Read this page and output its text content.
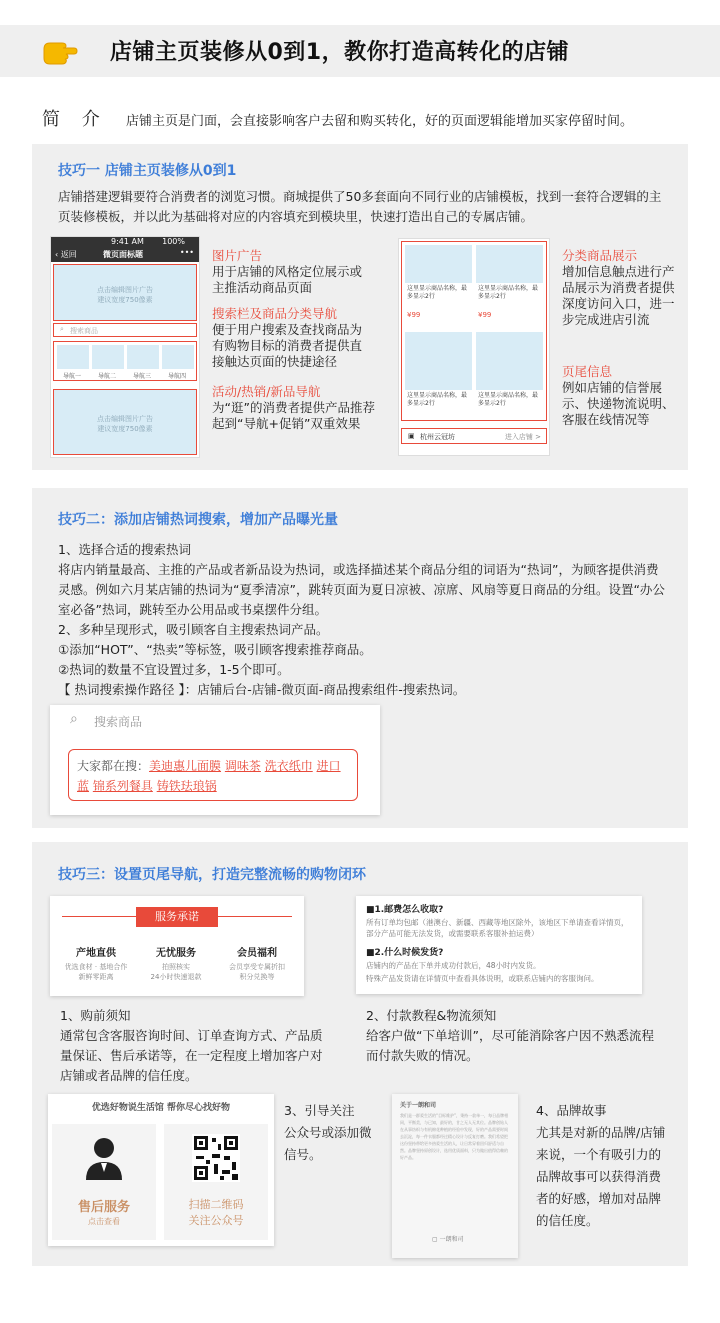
店铺主页装修从0到1，教你打造高转化的店铺
简 介 店铺主页是门面，会直接影响客户去留和购买转化，好的页面逻辑能增加买家停留时间。
技巧一 店铺主页装修从0到1
店铺搭建逻辑要符合消费者的浏览习惯。商城提供了50多套面向不同行业的店铺模板，找到一套符合逻辑的主页装修模板，并以此为基础将对应的内容填充到模块里，快速打造出自己的专属店铺。
9:41 AM 100%
‹ 返回	微页面标题	•••
点击编辑图片广告
建议宽度750像素
⌕ 搜索商品
导航一	导航二	导航三	导航四
点击编辑图片广告
建议宽度750像素
图片广告
用于店铺的风格定位展示或主推活动商品页面
搜索栏及商品分类导航
便于用户搜索及查找商品为有购物目标的消费者提供直接触达页面的快捷途径
活动/热销/新品导航
为“逛”的消费者提供产品推荐起到“导航+促销”双重效果
这里显示商品名称，最多显示2行
¥99
这里显示商品名称，最多显示2行
¥99
这里显示商品名称，最多显示2行
这里显示商品名称，最多显示2行
▣ 杭州云冠坊	进入店铺 >
分类商品展示
增加信息触点进行产品展示为消费者提供深度访问入口，进一步完成进店引流
页尾信息
例如店铺的信誉展示、快递物流说明、客服在线情况等
技巧二：添加店铺热词搜索，增加产品曝光量
1、选择合适的搜索热词
将店内销量最高、主推的产品或者新品设为热词，或选择描述某个商品分组的词语为“热词”，为顾客提供消费灵感。例如六月某店铺的热词为“夏季清凉”，跳转页面为夏日凉被、凉席、风扇等夏日商品的分组。设置“办公室必备”热词，跳转至办公用品或书桌摆件分组。
2、多种呈现形式，吸引顾客自主搜索热词产品。
①添加“HOT”、“热卖”等标签，吸引顾客搜索推荐商品。
②热词的数量不宜设置过多，1-5个即可。
【 热词搜索操作路径 】：店铺后台-店铺-微页面-商品搜索组件-搜索热词。
⌕ 搜索商品
大家都在搜：美迪惠儿面膜 调味茶 洗衣纸巾 进口蓝 锦系列餐具 铸铁珐琅锅
技巧三：设置页尾导航，打造完整流畅的购物闭环
服务承诺
产地直供
优选食材 · 基地合作
新鲜零距离
无忧服务
拍照核实
24小时快速退款
会员福利
会员享受专属折扣
积分兑换等
■1.邮费怎么收取?
所有订单均包邮（港澳台、新疆、西藏等地区除外，该地区下单请查看详情页，部分产品可能无法发货，或需要联系客服补拍运费）
■2.什么时候发货?
店铺内的产品在下单并成功付款后，48小时内发货。
特殊产品发货请在详情页中查看具体说明，或联系店铺内的客服询问。
1、购前须知
通常包含客服咨询时间、订单查询方式、产品质量保证、售后承诺等，在一定程度上增加客户对店铺或者品牌的信任度。
2、付款教程&物流须知
给客户做“下单培训”，尽可能消除客户因不熟悉流程而付款失败的情况。
优选好物说生活馆 帮你尽心找好物
售后服务
点击查看
扫描二维码
关注公众号
3、引导关注
公众号或添加微信号。
关于一朗和司
我们是一群爱生活的“目标维护”，秉持一款单一，每日品牌相同，平衡美，与已知，最好的，甘之无人无其位。品牌创始人在从事纺织与有机棉花种植的经验中发现，好的产品需要时间去沉淀，每一件衣服都经过精心设计与反复打磨。我们希望把这份坚持带给更多热爱生活的人，让日常穿着回归舒适与自然。品牌坚持原创设计，选用优质面料，只为做出值得信赖的好产品。
▢ 一朗和司
4、品牌故事
尤其是对新的品牌/店铺来说，一个有吸引力的品牌故事可以获得消费者的好感，增加对品牌的信任度。
